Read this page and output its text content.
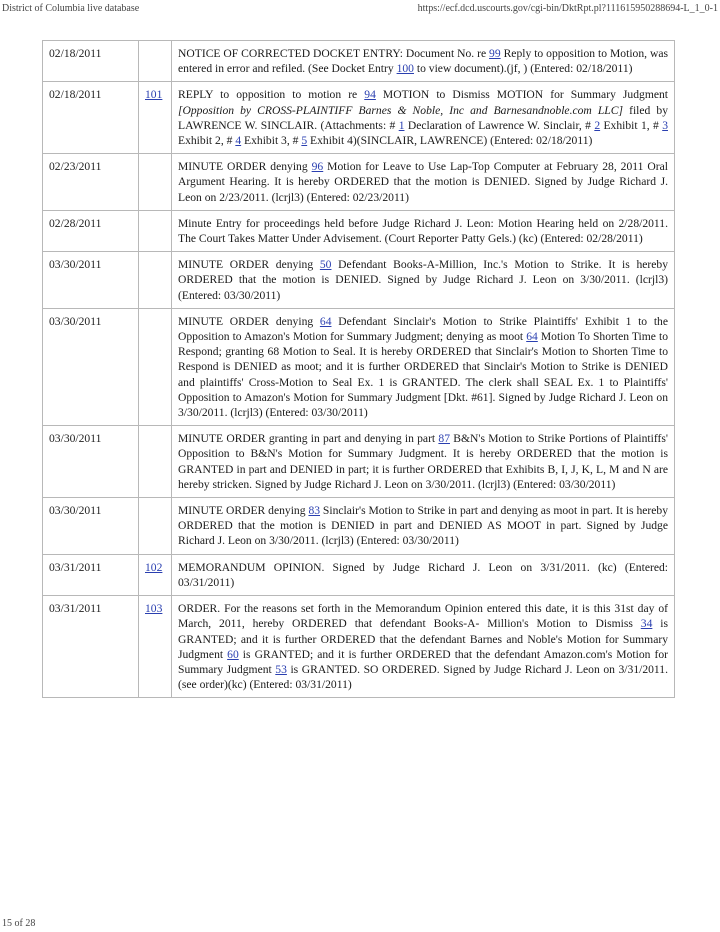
District of Columbia live database	https://ecf.dcd.uscourts.gov/cgi-bin/DktRpt.pl?111615950288694-L_1_0-1
02/18/2011		NOTICE OF CORRECTED DOCKET ENTRY: Document No. re 99 Reply to opposition to Motion, was entered in error and refiled. (See Docket Entry 100 to view document).(jf, ) (Entered: 02/18/2011)
02/18/2011	101	REPLY to opposition to motion re 94 MOTION to Dismiss MOTION for Summary Judgment [Opposition by CROSS-PLAINTIFF Barnes & Noble, Inc and Barnesandnoble.com LLC] filed by LAWRENCE W. SINCLAIR. (Attachments: # 1 Declaration of Lawrence W. Sinclair, # 2 Exhibit 1, # 3 Exhibit 2, # 4 Exhibit 3, # 5 Exhibit 4)(SINCLAIR, LAWRENCE) (Entered: 02/18/2011)
02/23/2011		MINUTE ORDER denying 96 Motion for Leave to Use Lap-Top Computer at February 28, 2011 Oral Argument Hearing. It is hereby ORDERED that the motion is DENIED. Signed by Judge Richard J. Leon on 2/23/2011. (lcrjl3) (Entered: 02/23/2011)
02/28/2011		Minute Entry for proceedings held before Judge Richard J. Leon: Motion Hearing held on 2/28/2011. The Court Takes Matter Under Advisement. (Court Reporter Patty Gels.) (kc) (Entered: 02/28/2011)
03/30/2011		MINUTE ORDER denying 50 Defendant Books-A-Million, Inc.'s Motion to Strike. It is hereby ORDERED that the motion is DENIED. Signed by Judge Richard J. Leon on 3/30/2011. (lcrjl3) (Entered: 03/30/2011)
03/30/2011		MINUTE ORDER denying 64 Defendant Sinclair's Motion to Strike Plaintiffs' Exhibit 1 to the Opposition to Amazon's Motion for Summary Judgment; denying as moot 64 Motion To Shorten Time to Respond; granting 68 Motion to Seal. It is hereby ORDERED that Sinclair's Motion to Shorten Time to Respond is DENIED as moot; and it is further ORDERED that Sinclair's Motion to Strike is DENIED and plaintiffs' Cross-Motion to Seal Ex. 1 is GRANTED. The clerk shall SEAL Ex. 1 to Plaintiffs' Opposition to Amazon's Motion for Summary Judgment [Dkt. #61]. Signed by Judge Richard J. Leon on 3/30/2011. (lcrjl3) (Entered: 03/30/2011)
03/30/2011		MINUTE ORDER granting in part and denying in part 87 B&N's Motion to Strike Portions of Plaintiffs' Opposition to B&N's Motion for Summary Judgment. It is hereby ORDERED that the motion is GRANTED in part and DENIED in part; it is further ORDERED that Exhibits B, I, J, K, L, M and N are hereby stricken. Signed by Judge Richard J. Leon on 3/30/2011. (lcrjl3) (Entered: 03/30/2011)
03/30/2011		MINUTE ORDER denying 83 Sinclair's Motion to Strike in part and denying as moot in part. It is hereby ORDERED that the motion is DENIED in part and DENIED AS MOOT in part. Signed by Judge Richard J. Leon on 3/30/2011. (lcrjl3) (Entered: 03/30/2011)
03/31/2011	102	MEMORANDUM OPINION. Signed by Judge Richard J. Leon on 3/31/2011. (kc) (Entered: 03/31/2011)
03/31/2011	103	ORDER. For the reasons set forth in the Memorandum Opinion entered this date, it is this 31st day of March, 2011, hereby ORDERED that defendant Books-A- Million's Motion to Dismiss 34 is GRANTED; and it is further ORDERED that the defendant Barnes and Noble's Motion for Summary Judgment 60 is GRANTED; and it is further ORDERED that the defendant Amazon.com's Motion for Summary Judgment 53 is GRANTED. SO ORDERED. Signed by Judge Richard J. Leon on 3/31/2011. (see order)(kc) (Entered: 03/31/2011)
15 of 28
